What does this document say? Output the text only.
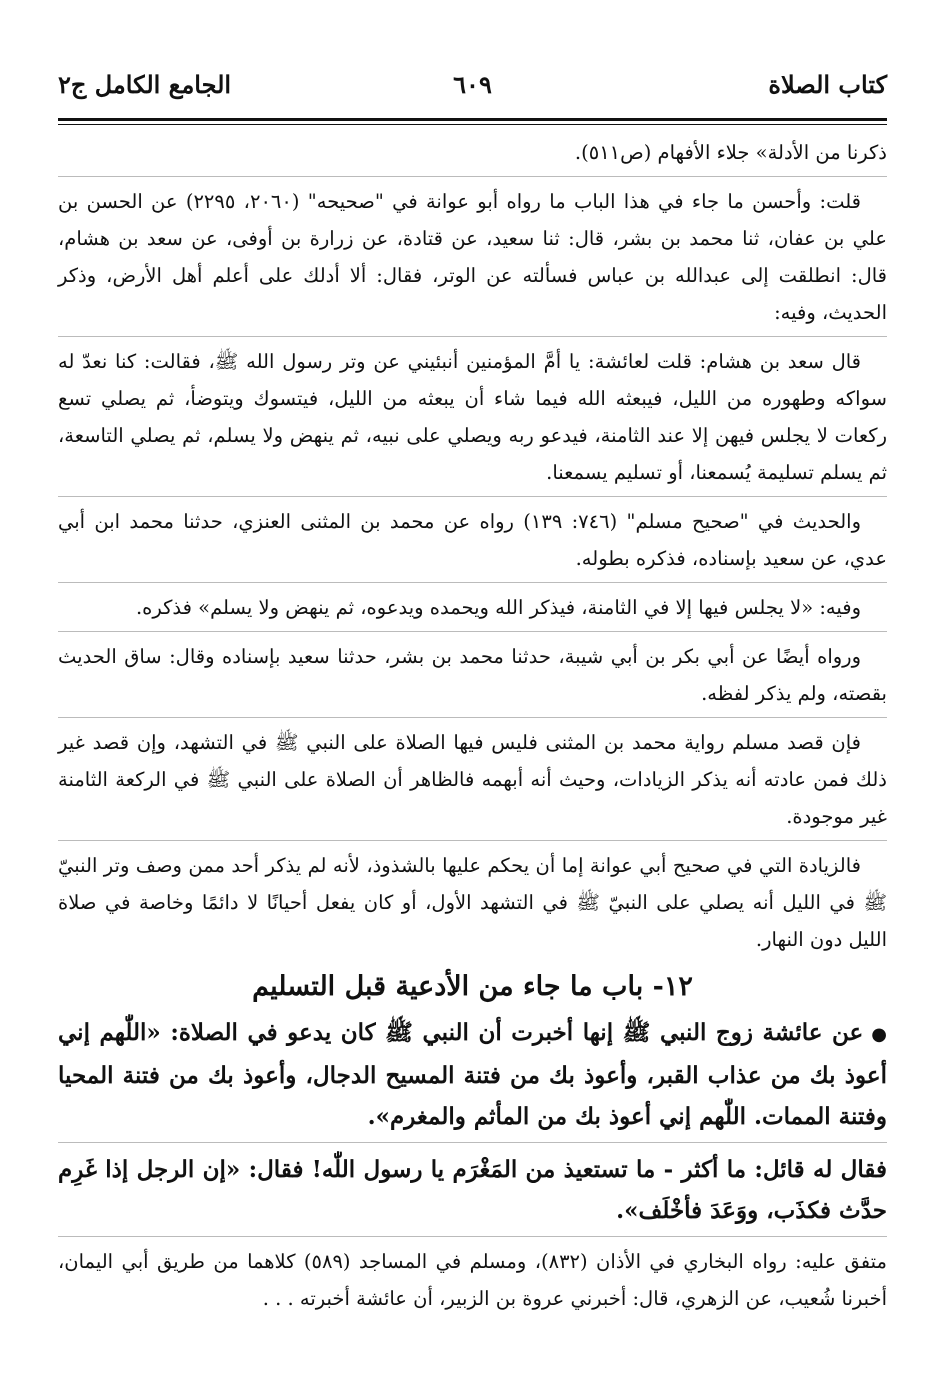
كتاب الصلاة
٦٠٩
الجامع الكامل ج٢

ذكرنا من الأدلة» جلاء الأفهام (ص٥١١).

قلت: وأحسن ما جاء في هذا الباب ما رواه أبو عوانة في "صحيحه" (٢٠٦٠، ٢٢٩٥) عن الحسن بن علي بن عفان، ثنا محمد بن بشر، قال: ثنا سعيد، عن قتادة، عن زرارة بن أوفى، عن سعد بن هشام، قال: انطلقت إلى عبدالله بن عباس فسألته عن الوتر، فقال: ألا أدلك على أعلم أهل الأرض، وذكر الحديث، وفيه:

قال سعد بن هشام: قلت لعائشة: يا أمَّ المؤمنين أنبئيني عن وتر رسول الله ﷺ، فقالت: كنا نعدّ له سواكه وطهوره من الليل، فيبعثه الله فيما شاء أن يبعثه من الليل، فيتسوك ويتوضأ، ثم يصلي تسع ركعات لا يجلس فيهن إلا عند الثامنة، فيدعو ربه ويصلي على نبيه، ثم ينهض ولا يسلم، ثم يصلي التاسعة، ثم يسلم تسليمة يُسمعنا، أو تسليم يسمعنا.

والحديث في "صحيح مسلم" (٧٤٦: ١٣٩) رواه عن محمد بن المثنى العنزي، حدثنا محمد ابن أبي عدي، عن سعيد بإسناده، فذكره بطوله.

وفيه: «لا يجلس فيها إلا في الثامنة، فيذكر الله ويحمده ويدعوه، ثم ينهض ولا يسلم» فذكره.

ورواه أيضًا عن أبي بكر بن أبي شيبة، حدثنا محمد بن بشر، حدثنا سعيد بإسناده وقال: ساق الحديث بقصته، ولم يذكر لفظه.

فإن قصد مسلم رواية محمد بن المثنى فليس فيها الصلاة على النبي ﷺ في التشهد، وإن قصد غير ذلك فمن عادته أنه يذكر الزيادات، وحيث أنه أبهمه فالظاهر أن الصلاة على النبي ﷺ في الركعة الثامنة غير موجودة.

فالزيادة التي في صحيح أبي عوانة إما أن يحكم عليها بالشذوذ، لأنه لم يذكر أحد ممن وصف وتر النبيّ ﷺ في الليل أنه يصلي على النبيّ ﷺ في التشهد الأول، أو كان يفعل أحيانًا لا دائمًا وخاصة في صلاة الليل دون النهار.

١٢- باب ما جاء من الأدعية قبل التسليم

●عن عائشة زوج النبي ﷺ إنها أخبرت أن النبي ﷺ كان يدعو في الصلاة: «اللّٰهم إني أعوذ بك من عذاب القبر، وأعوذ بك من فتنة المسيح الدجال، وأعوذ بك من فتنة المحيا وفتنة الممات. اللّٰهم إني أعوذ بك من المأثم والمغرم».

فقال له قائل: ما أكثر - ما تستعيذ من المَغْرَم يا رسول اللّٰه! فقال: «إن الرجل إذا غَرِم حدَّث فكذَب، ووَعَدَ فأخْلَف».

متفق عليه: رواه البخاري في الأذان (٨٣٢)، ومسلم في المساجد (٥٨٩) كلاهما من طريق أبي اليمان، أخبرنا شُعيب، عن الزهري، قال: أخبرني عروة بن الزبير، أن عائشة أخبرته . . .
